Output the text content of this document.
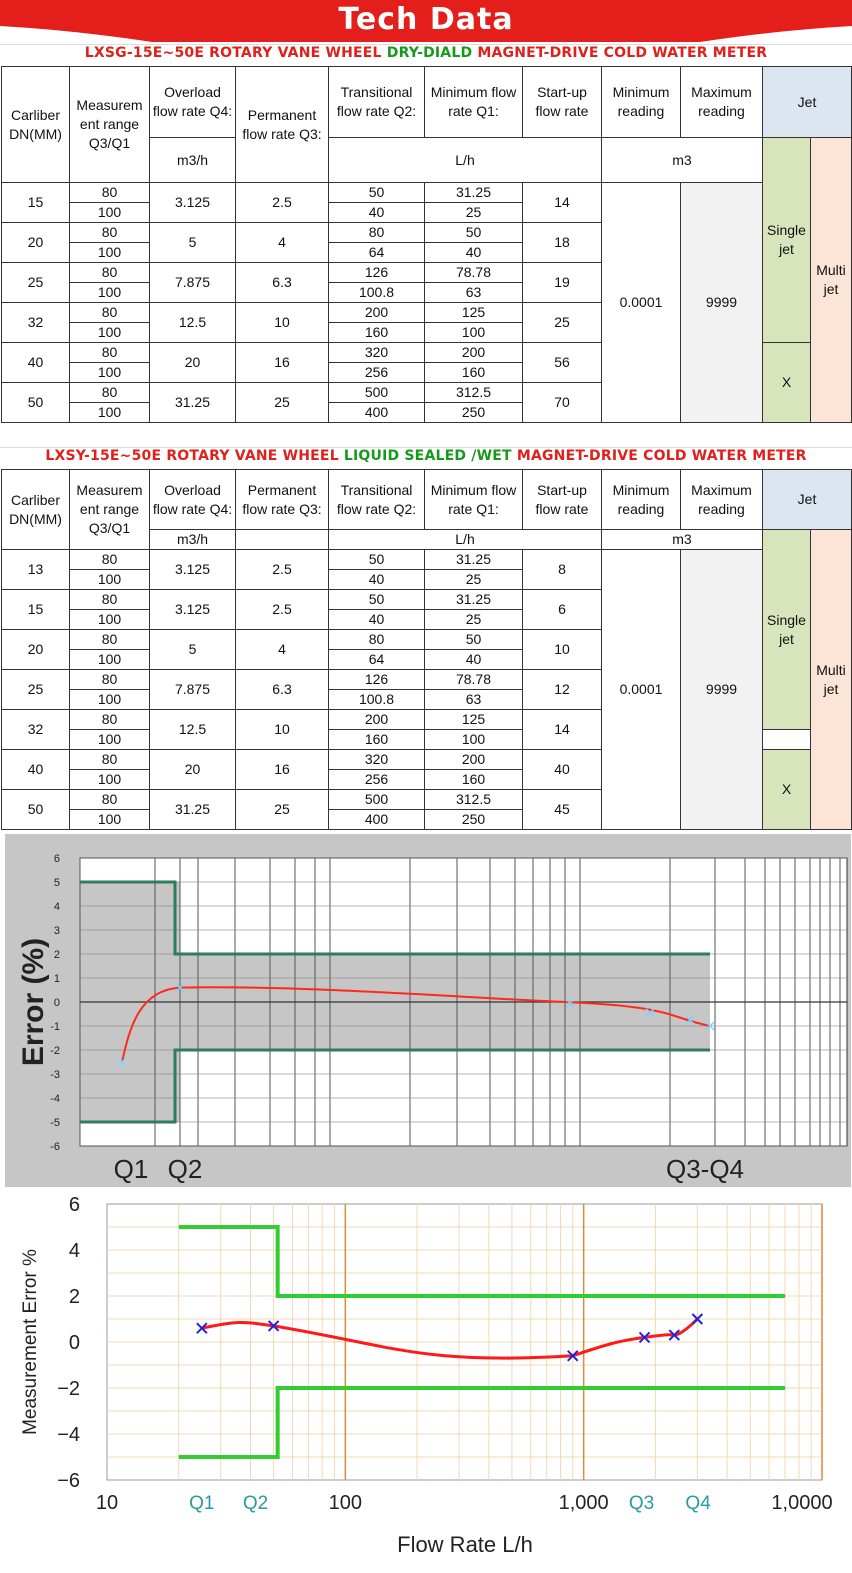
Tech Data
LXSG-15E~50E ROTARY VANE WHEEL DRY-DIALD MAGNET-DRIVE COLD WATER METER
Carliber DN(MM)	Measurem ent range Q3/Q1	Overload flow rate Q4:	Permanent flow rate Q3:	Transitional flow rate Q2:	Minimum flow rate Q1:	Start-up flow rate	Minimum reading	Maximum reading	Jet	
		m3/h		L/h			m3		Single jet	Multi jet
15	80	3.125	2.5	50	31.25	14	0.0001	9999		
	100			40	25					
20	80	5	4	80	50	18				
	100			64	40					
25	80	7.875	6.3	126	78.78	19				
	100			100.8	63					
32	80	12.5	10	200	125	25				
	100			160	100					
40	80	20	16	320	200	56			X	
	100			256	160					
50	80	31.25	25	500	312.5	70				
	100			400	250					
LXSY-15E~50E ROTARY VANE WHEEL LIQUID SEALED /WET MAGNET-DRIVE COLD WATER METER
Carliber DN(MM)	Measurem ent range Q3/Q1	Overload flow rate Q4:	Permanent flow rate Q3:	Transitional flow rate Q2:	Minimum flow rate Q1:	Start-up flow rate	Minimum reading	Maximum reading	Jet	
		m3/h		L/h			m3		Single jet	Multi jet
13	80	3.125	2.5	50	31.25	8	0.0001	9999		
	100			40	25					
15	80	3.125	2.5	50	31.25	6				
	100			40	25					
20	80	5	4	80	50	10				
	100			64	40					
25	80	7.875	6.3	126	78.78	12				
	100			100.8	63					
32	80	12.5	10	200	125	14				
	100			160	100					
40	80	20	16	320	200	40			X	
	100			256	160					
50	80	31.25	25	500	312.5	45				
	100			400	250					
6
5
4
3
2
1
0
-1
-2
-3
-4
-5
-6
Error (%)
Q1 Q2	Q3-Q4
6
4
2
0
−2
−4
−6
Measurement Error %
10	100	1,000	1,0000
Q1 Q2	Q3 Q4
Flow Rate L/h
